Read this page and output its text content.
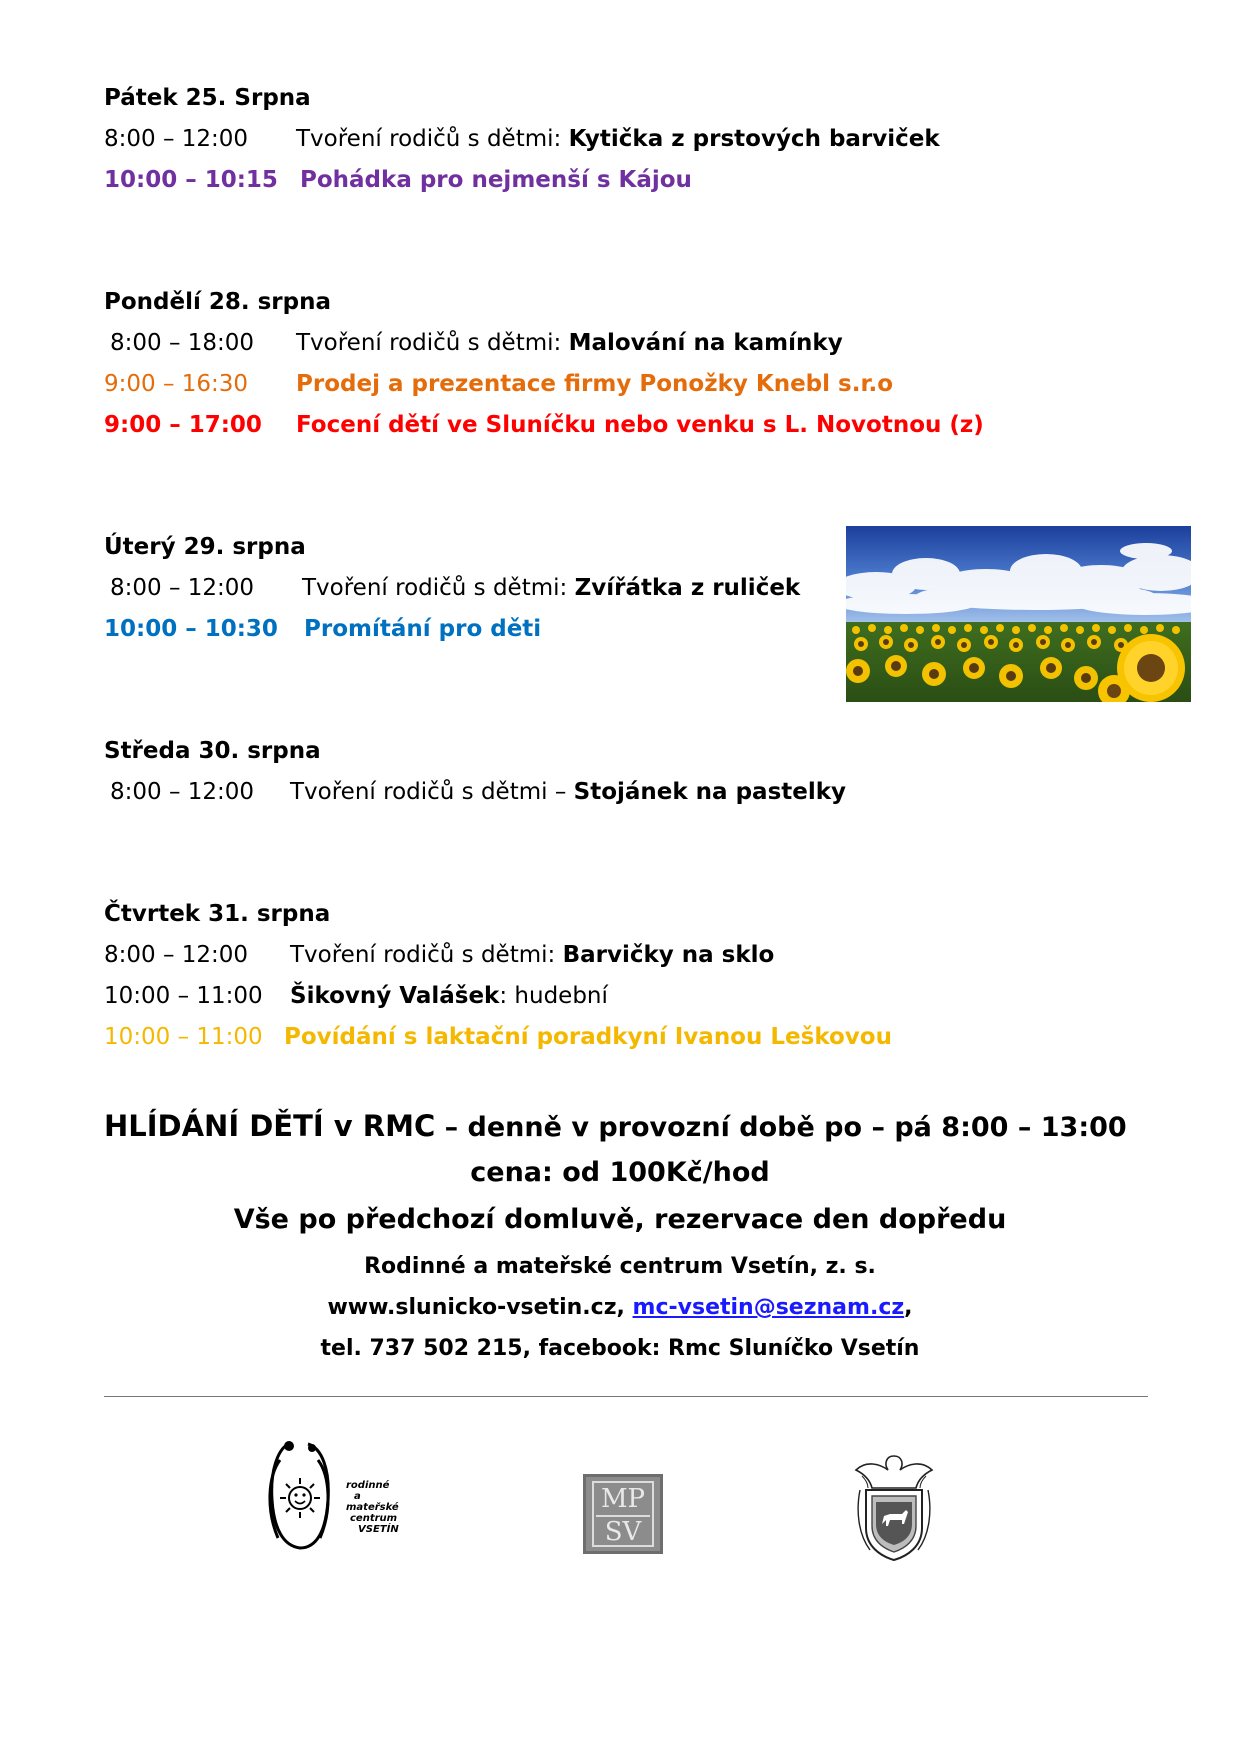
Pátek 25. Srpna
8:00 – 12:00 Tvoření rodičů s dětmi: Kytička z prstových barviček
10:00 – 10:15 Pohádka pro nejmenší s Kájou
Pondělí 28. srpna
8:00 – 18:00 Tvoření rodičů s dětmi: Malování na kamínky
9:00 – 16:30 Prodej a prezentace firmy Ponožky Knebl s.r.o
9:00 – 17:00 Focení dětí ve Sluníčku nebo venku s L. Novotnou (z)
Úterý 29. srpna
8:00 – 12:00 Tvoření rodičů s dětmi: Zvířátka z ruliček
10:00 – 10:30 Promítání pro děti
Středa 30. srpna
8:00 – 12:00 Tvoření rodičů s dětmi – Stojánek na pastelky
Čtvrtek 31. srpna
8:00 – 12:00 Tvoření rodičů s dětmi: Barvičky na sklo
10:00 – 11:00 Šikovný Valášek: hudební
10:00 – 11:00 Povídání s laktační poradkyní Ivanou Leškovou
HLÍDÁNÍ DĚTÍ v RMC – denně v provozní době po – pá 8:00 – 13:00
cena: od 100Kč/hod
Vše po předchozí domluvě, rezervace den dopředu
Rodinné a mateřské centrum Vsetín, z. s.
www.slunicko-vsetin.cz, mc-vsetin@seznam.cz,
tel. 737 502 215, facebook: Rmc Sluníčko Vsetín
rodinné
a
mateřské
centrum
VSETÍN
MP
SV
